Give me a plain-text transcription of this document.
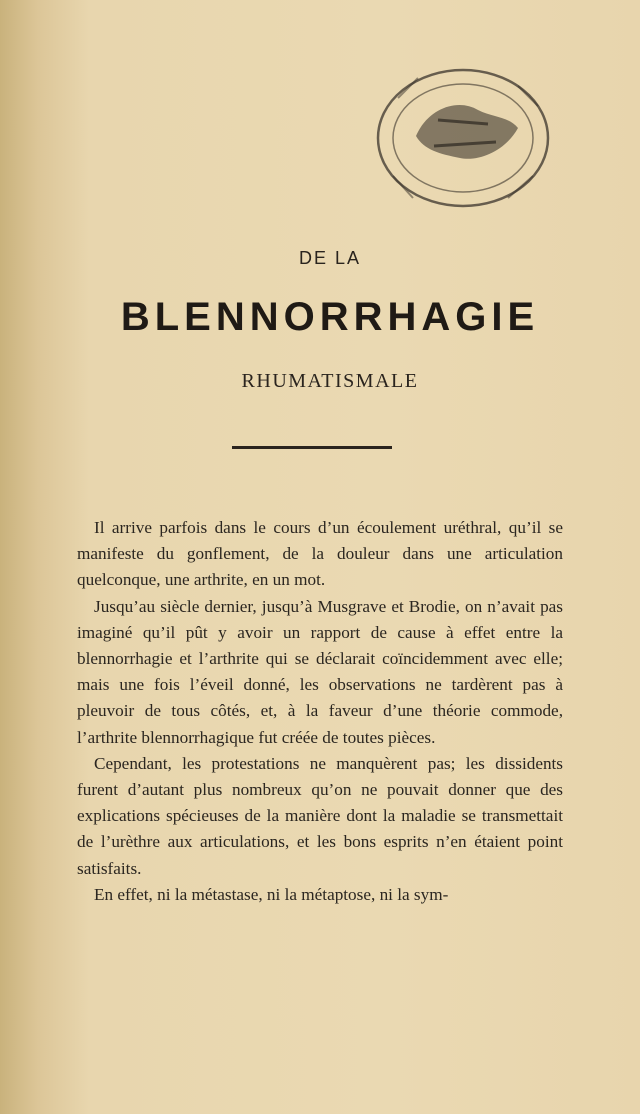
DE LA
BLENNORRHAGIE
RHUMATISMALE

Il arrive parfois dans le cours d’un écoulement uréthral, qu’il se manifeste du gonflement, de la douleur dans une articulation quelconque, une arthrite, en un mot.

Jusqu’au siècle dernier, jusqu’à Musgrave et Brodie, on n’avait pas imaginé qu’il pût y avoir un rapport de cause à effet entre la blennorrhagie et l’arthrite qui se déclarait coïncidemment avec elle; mais une fois l’éveil donné, les observations ne tardèrent pas à pleuvoir de tous côtés, et, à la faveur d’une théorie commode, l’arthrite blennorrhagique fut créée de toutes pièces.

Cependant, les protestations ne manquèrent pas; les dissidents furent d’autant plus nombreux qu’on ne pouvait donner que des explications spécieuses de la manière dont la maladie se transmettait de l’urèthre aux articulations, et les bons esprits n’en étaient point satisfaits.

En effet, ni la métastase, ni la métaptose, ni la sym-
